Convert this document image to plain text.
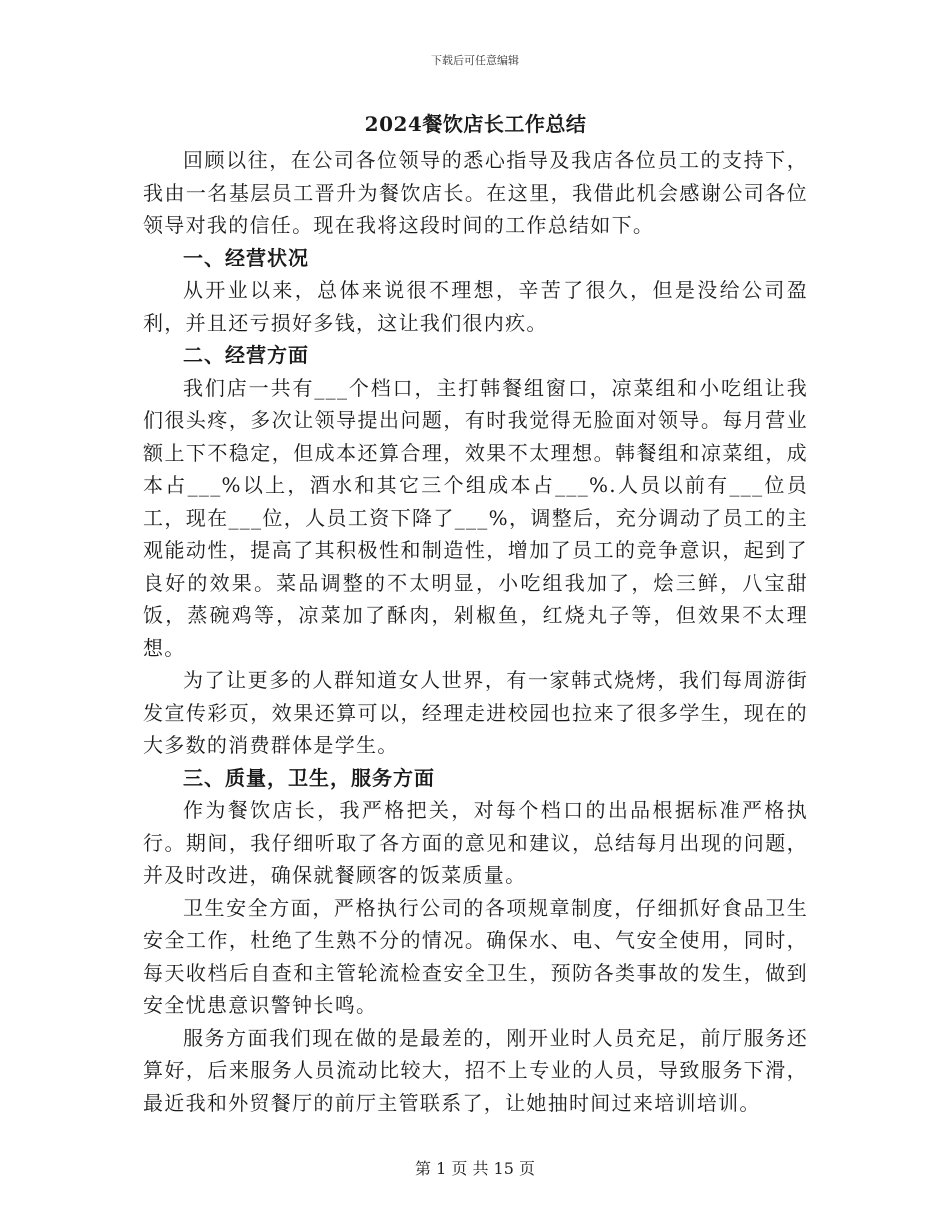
下载后可任意编辑
2024餐饮店长工作总结

回顾以往，在公司各位领导的悉心指导及我店各位员工的支持下，我由一名基层员工晋升为餐饮店长。在这里，我借此机会感谢公司各位领导对我的信任。现在我将这段时间的工作总结如下。

一、经营状况

从开业以来，总体来说很不理想，辛苦了很久，但是没给公司盈利，并且还亏损好多钱，这让我们很内疚。

二、经营方面

我们店一共有___个档口，主打韩餐组窗口，凉菜组和小吃组让我们很头疼，多次让领导提出问题，有时我觉得无脸面对领导。每月营业额上下不稳定，但成本还算合理，效果不太理想。韩餐组和凉菜组，成本占___%以上，酒水和其它三个组成本占___%.人员以前有___位员工，现在___位，人员工资下降了___%，调整后，充分调动了员工的主观能动性，提高了其积极性和制造性，增加了员工的竞争意识，起到了良好的效果。菜品调整的不太明显，小吃组我加了，烩三鲜，八宝甜饭，蒸碗鸡等，凉菜加了酥肉，剁椒鱼，红烧丸子等，但效果不太理想。

为了让更多的人群知道女人世界，有一家韩式烧烤，我们每周游街发宣传彩页，效果还算可以，经理走进校园也拉来了很多学生，现在的大多数的消费群体是学生。

三、质量，卫生，服务方面

作为餐饮店长，我严格把关，对每个档口的出品根据标准严格执行。期间，我仔细听取了各方面的意见和建议，总结每月出现的问题，并及时改进，确保就餐顾客的饭菜质量。

卫生安全方面，严格执行公司的各项规章制度，仔细抓好食品卫生安全工作，杜绝了生熟不分的情况。确保水、电、气安全使用，同时，每天收档后自查和主管轮流检查安全卫生，预防各类事故的发生，做到安全忧患意识警钟长鸣。

服务方面我们现在做的是最差的，刚开业时人员充足，前厅服务还算好，后来服务人员流动比较大，招不上专业的人员，导致服务下滑，最近我和外贸餐厅的前厅主管联系了，让她抽时间过来培训培训。

第 1 页 共 15 页
